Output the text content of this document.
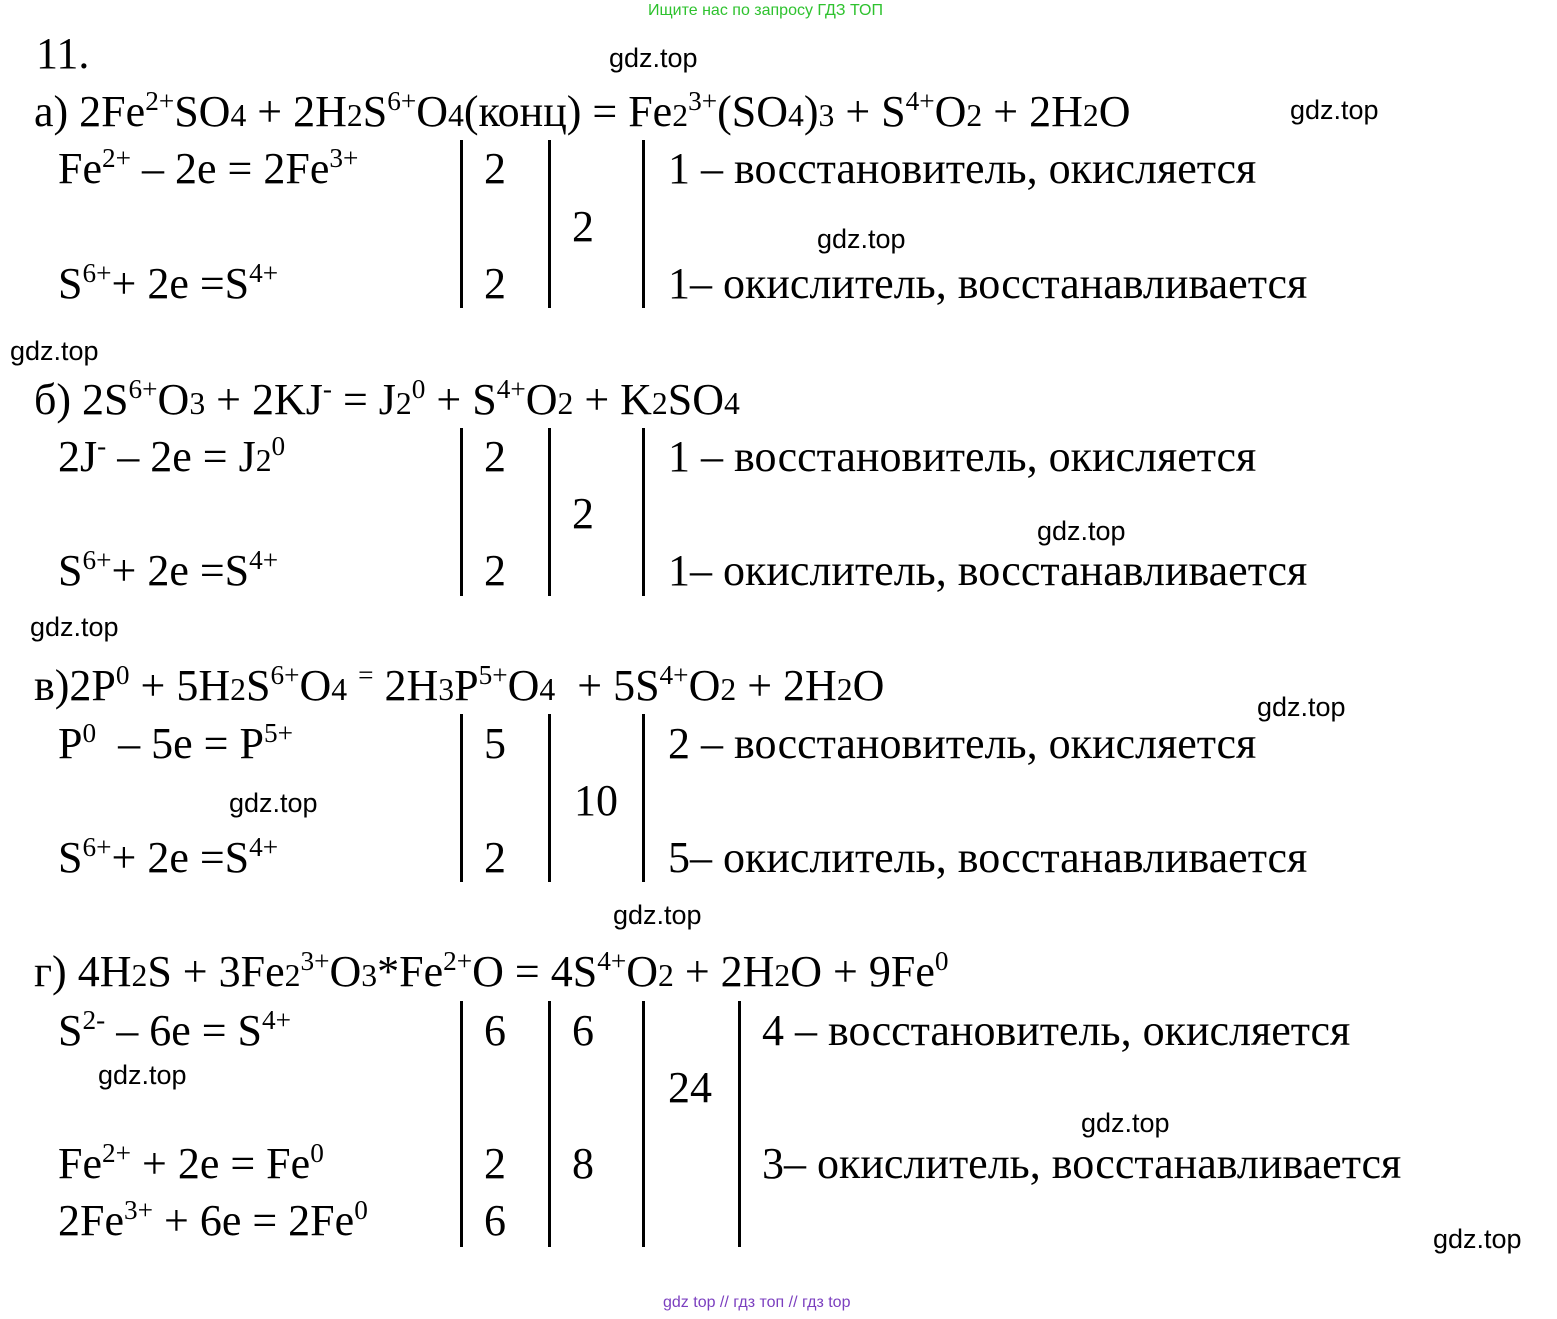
Ищите нас по запросу ГДЗ ТОП
gdz top // гдз топ // гдз top
11.	gdz.top
gdz.top
gdz.top
gdz.top
gdz.top
gdz.top
gdz.top
gdz.top
gdz.top
gdz.top
gdz.top
gdz.top
а) $2Fe^{2+}SO4$ + $2H2S^{6+}O4(конц) = Fe2^{3+}(SO4)3 + S^{4+}O2 + 2H2O$
$Fe^{2+} - 2e = 2Fe^{3+}$
$S^{6+}+ 2e =S^{4+}$
2
2
2
1 – восстановитель, окисляется
1– окислитель, восстанавливается
б) $2S^{6+}O3 + 2KJ^- = J2^0 + S^{4+}O2 + K2SO4$
$2J^- - 2e = J2^0$
$S^{6+}+ 2e =S^{4+}$
2
2
2
1 – восстановитель, окисляется
1– окислитель, восстанавливается
$в)2P^0 + 5H2S^{6+}O4$ = $2H3P^{5+}O4 + 5S^{4+}O2 + 2H2O$
$P^0 - 5e = P^{5+}$
$S^{6+}+ 2e =S^{4+}$
5
2
10
2 – восстановитель, окисляется
5– окислитель, восстанавливается
г) $4H2S + 3Fe2^{3+}O3*Fe^{2+}O = 4S^{4+}O2 + 2H2O + 9Fe^0$
$S^{2-} - 6e = S^{4+}$
$Fe^{2+} + 2e = Fe^0$
$2Fe^{3+} + 6e = 2Fe^0$
6
2
6
6
8
24
4 – восстановитель, окисляется
3– окислитель, восстанавливается
